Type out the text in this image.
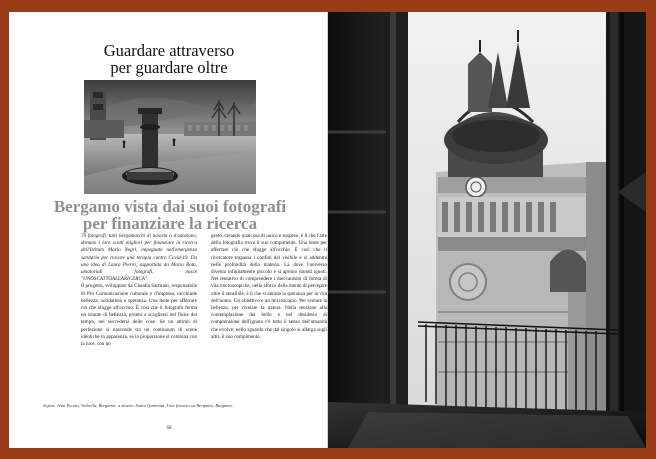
Guardare attraverso
per guardare oltre
Bergamo vista dai suoi fotografi
per finanziare la ricerca

70 fotografi, tutti bergamaschi di nascita o d'adozione, donano i loro scatti migliori per finanziare la ricerca dell'Istituto Mario Negri, impegnato nell'emergenza sanitaria per trovare una terapia contro Covid-19. Da una idea di Laura Pierro, supportata da Mario Rota, amatoriali fotografi, nasce "UNOSCATTOALLARICERCA".

Il progetto, sviluppato da Claudia Sartirani, responsabile di Pro Comunicazione culturale e d'impresa, racchiude bellezza, solidarietà e speranza. Una lente per afferrare ciò che sfugge all'occhio. È così che il fotografo ferma un istante di bellezza, pronto a scogliersi nel fluire del tempo, nel succedersi delle cose. Se un attimo di perfezione si nasconde tra un continuum di scene identiche in apparenza, se la proporzione si combina con la luce, con un

gesto, creando qualcosa di unico e sospeso, è lì che l'arte della fotografia trova il suo compimento. Una lente per afferrare ciò che sfugge all'occhio. È così che il ricercatore trapassa i confini del visibile e si addentra nelle profondità della materia. Là dove l'universo diventa infinitamente piccolo e si aprono mondi ignoti. Nel tentativo di comprendere i meccanismi di forma di vita microscopiche, nello sforzo della mente di percepire oltre il sensibile, è lì che si annida la speranza per la vita dell'uomo. Un obiettivo e un microscopio. Per svelare la bellezza, per rivelare la natura. Nella tensione alla contemplazione del bello e nel desiderio di comprensione dell'ignoto c'è tutto il senso dell'umanità che evolve; nello sguardo che dal singolo si allarga sugli altri, il suo compimento.

Sopra: Jean Picotti, Vedrella, Bergamo; a destra: Sonia Quarenta, Una finestra su Bergamo, Bergamo.
68
